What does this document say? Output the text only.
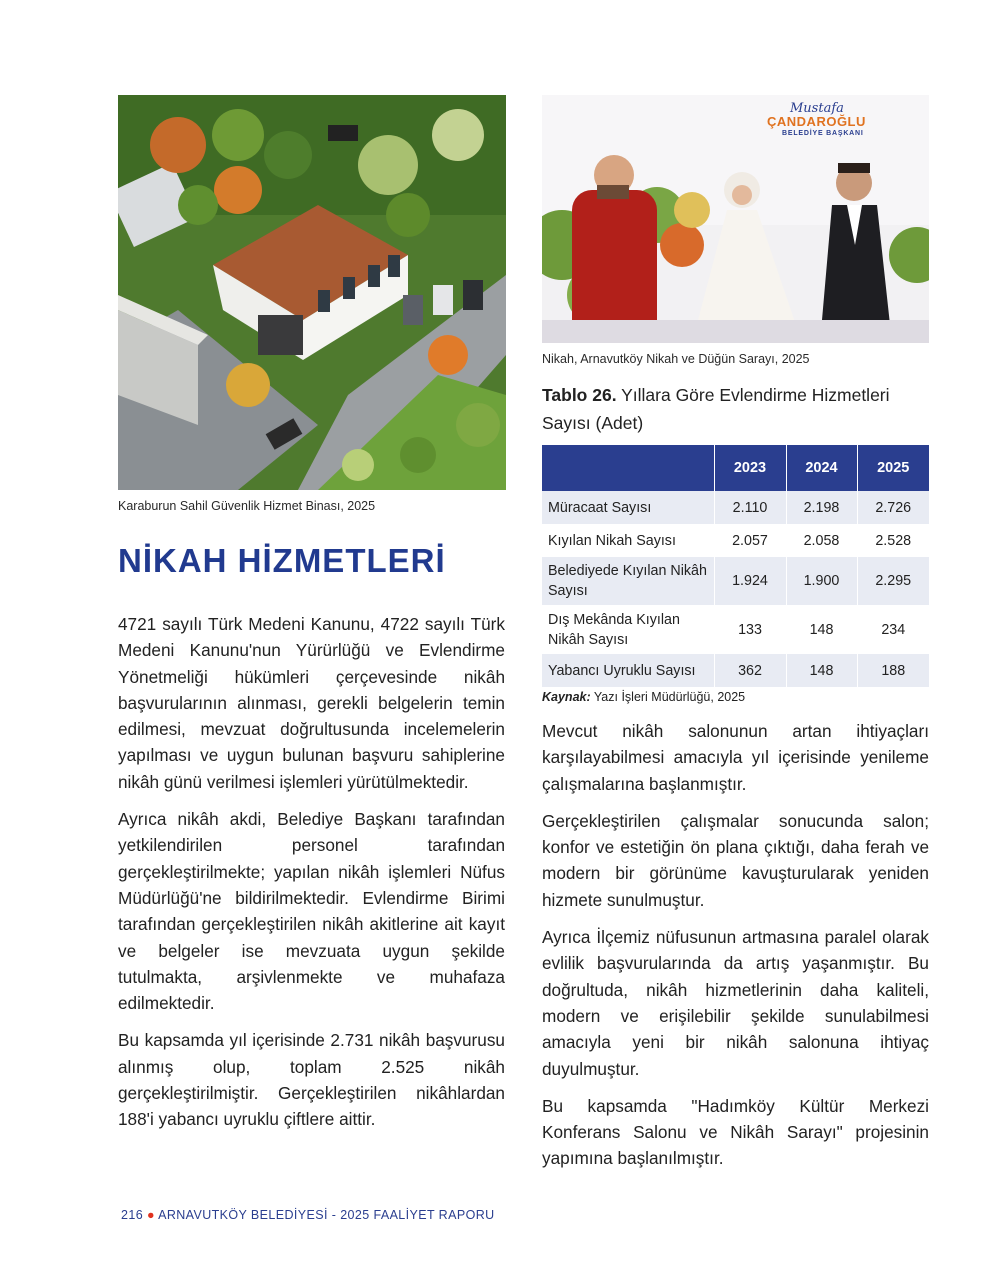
Karaburun Sahil Güvenlik Hizmet Binası, 2025
Mustafa
ÇANDAROĞLU
BELEDİYE BAŞKANI
Nikah, Arnavutköy Nikah ve Düğün Sarayı, 2025
NİKAH HİZMETLERİ

4721 sayılı Türk Medeni Kanunu, 4722 sayılı Türk Medeni Kanunu'nun Yürürlüğü ve Evlendirme Yönetmeliği hükümleri çerçevesinde nikâh başvurularının alınması, gerekli belgelerin temin edilmesi, mevzuat doğrultusunda incelemelerin yapılması ve uygun bulunan başvuru sahiplerine nikâh günü verilmesi işlemleri yürütülmektedir.

Ayrıca nikâh akdi, Belediye Başkanı tarafından yetkilendirilen personel tarafından gerçekleştirilmekte; yapılan nikâh işlemleri Nüfus Müdürlüğü'ne bildirilmektedir. Evlendirme Birimi tarafından gerçekleştirilen nikâh akitlerine ait kayıt ve belgeler ise mevzuata uygun şekilde tutulmakta, arşivlenmekte ve muhafaza edilmektedir.

Bu kapsamda yıl içerisinde 2.731 nikâh başvurusu alınmış olup, toplam 2.525 nikâh gerçekleştirilmiştir. Gerçekleştirilen nikâhlardan 188'i yabancı uyruklu çiftlere aittir.

Tablo 26. Yıllara Göre Evlendirme Hizmetleri Sayısı (Adet)
	2023	2024	2025
Müracaat Sayısı	2.110	2.198	2.726
Kıyılan Nikah Sayısı	2.057	2.058	2.528
Belediyede Kıyılan Nikâh Sayısı	1.924	1.900	2.295
Dış Mekânda Kıyılan Nikâh Sayısı	133	148	234
Yabancı Uyruklu Sayısı	362	148	188
Kaynak: Yazı İşleri Müdürlüğü, 2025

Mevcut nikâh salonunun artan ihtiyaçları karşılayabilmesi amacıyla yıl içerisinde yenileme çalışmalarına başlanmıştır.

Gerçekleştirilen çalışmalar sonucunda salon; konfor ve estetiğin ön plana çıktığı, daha ferah ve modern bir görünüme kavuşturularak yeniden hizmete sunulmuştur.

Ayrıca İlçemiz nüfusunun artmasına paralel olarak evlilik başvurularında da artış yaşanmıştır. Bu doğrultuda, nikâh hizmetlerinin daha kaliteli, modern ve erişilebilir şekilde sunulabilmesi amacıyla yeni bir nikâh salonuna ihtiyaç duyulmuştur.

Bu kapsamda "Hadımköy Kültür Merkezi Konferans Salonu ve Nikâh Sarayı" projesinin yapımına başlanılmıştır.

216 ● ARNAVUTKÖY BELEDİYESİ - 2025 FAALİYET RAPORU
